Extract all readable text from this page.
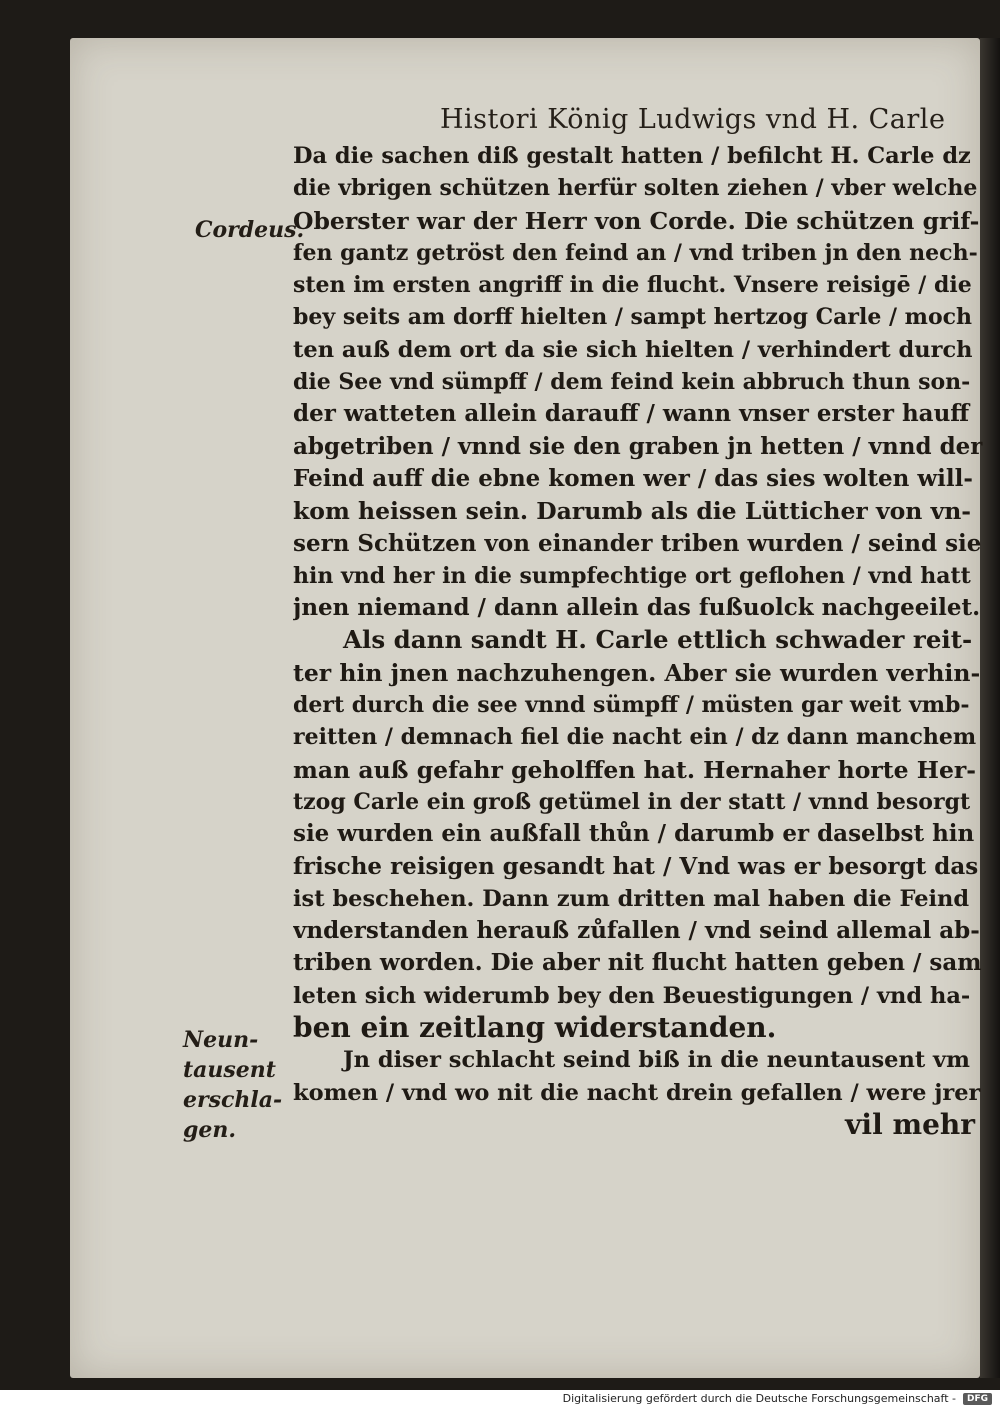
Histori König Ludwigs vnd H. Carle
Cordeus.
Neun-
tausent
erschla-
gen.
Da die sachen diß gestalt hatten / befilcht H. Carle dz
die vbrigen schützen herfür solten ziehen / vber welche
Oberster war der Herr von Corde. Die schützen grif-
fen gantz getröst den feind an / vnd triben jn den nech-
sten im ersten angriff in die flucht. Vnsere reisigē / die
bey seits am dorff hielten / sampt hertzog Carle / moch
ten auß dem ort da sie sich hielten / verhindert durch
die See vnd sümpff / dem feind kein abbruch thun son-
der watteten allein darauff / wann vnser erster hauff
abgetriben / vnnd sie den graben jn hetten / vnnd der
Feind auff die ebne komen wer / das sies wolten will-
kom heissen sein. Darumb als die Lütticher von vn-
sern Schützen von einander triben wurden / seind sie
hin vnd her in die sumpfechtige ort geflohen / vnd hatt
jnen niemand / dann allein das fußuolck nachgeeilet.
Als dann sandt H. Carle ettlich schwader reit-
ter hin jnen nachzuhengen. Aber sie wurden verhin-
dert durch die see vnnd sümpff / müsten gar weit vmb-
reitten / demnach fiel die nacht ein / dz dann manchem
man auß gefahr geholffen hat. Hernaher horte Her-
tzog Carle ein groß getümel in der statt / vnnd besorgt
sie wurden ein außfall thůn / darumb er daselbst hin
frische reisigen gesandt hat / Vnd was er besorgt das
ist beschehen. Dann zum dritten mal haben die Feind
vnderstanden herauß zůfallen / vnd seind allemal ab-
triben worden. Die aber nit flucht hatten geben / sam
leten sich widerumb bey den Beuestigungen / vnd ha-
ben ein zeitlang widerstanden.
Jn diser schlacht seind biß in die neuntausent vm
komen / vnd wo nit die nacht drein gefallen / were jrer
vil mehr
Digitalisierung gefördert durch die Deutsche Forschungsgemeinschaft -	DFG
